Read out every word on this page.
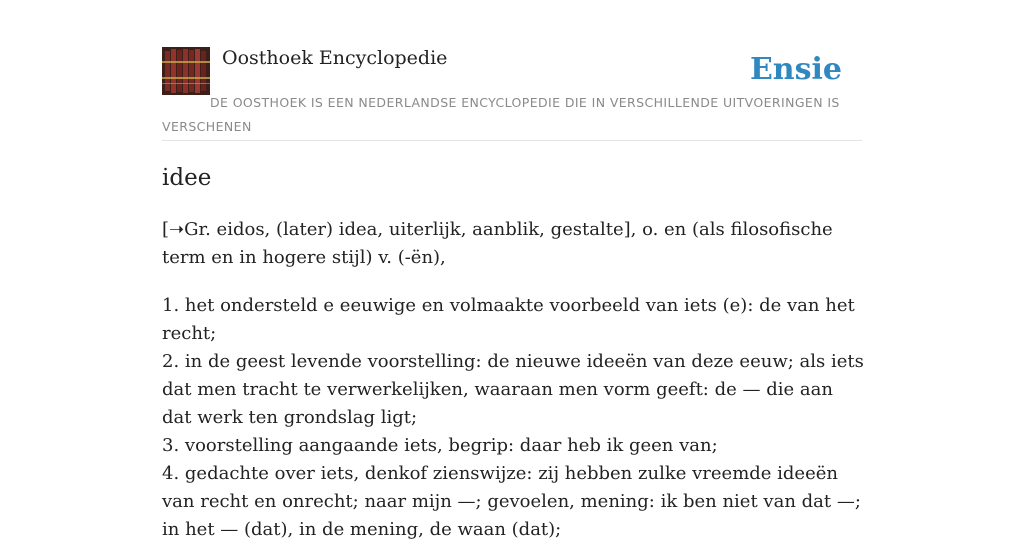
Oosthoek Encyclopedie	Ensie
DE OOSTHOEK IS EEN NEDERLANDSE ENCYCLOPEDIE DIE IN VERSCHILLENDE UITVOERINGEN IS VERSCHENEN
idee

[➝Gr. eidos, (later) idea, uiterlijk, aanblik, gestalte], o. en (als filosofische term en in hogere stijl) v. (-ën),

1. het ondersteld e eeuwige en volmaakte voorbeeld van iets (e): de van het recht;
2. in de geest levende voorstelling: de nieuwe ideeën van deze eeuw; als iets dat men tracht te verwerkelijken, waaraan men vorm geeft: de — die aan dat werk ten grondslag ligt;
3. voorstelling aangaande iets, begrip: daar heb ik geen van;
4. gedachte over iets, denkof zienswijze: zij hebben zulke vreemde ideeën van recht en onrecht; naar mijn —; gevoelen, mening: ik ben niet van dat —; in het — (dat), in de mening, de waan (dat);
